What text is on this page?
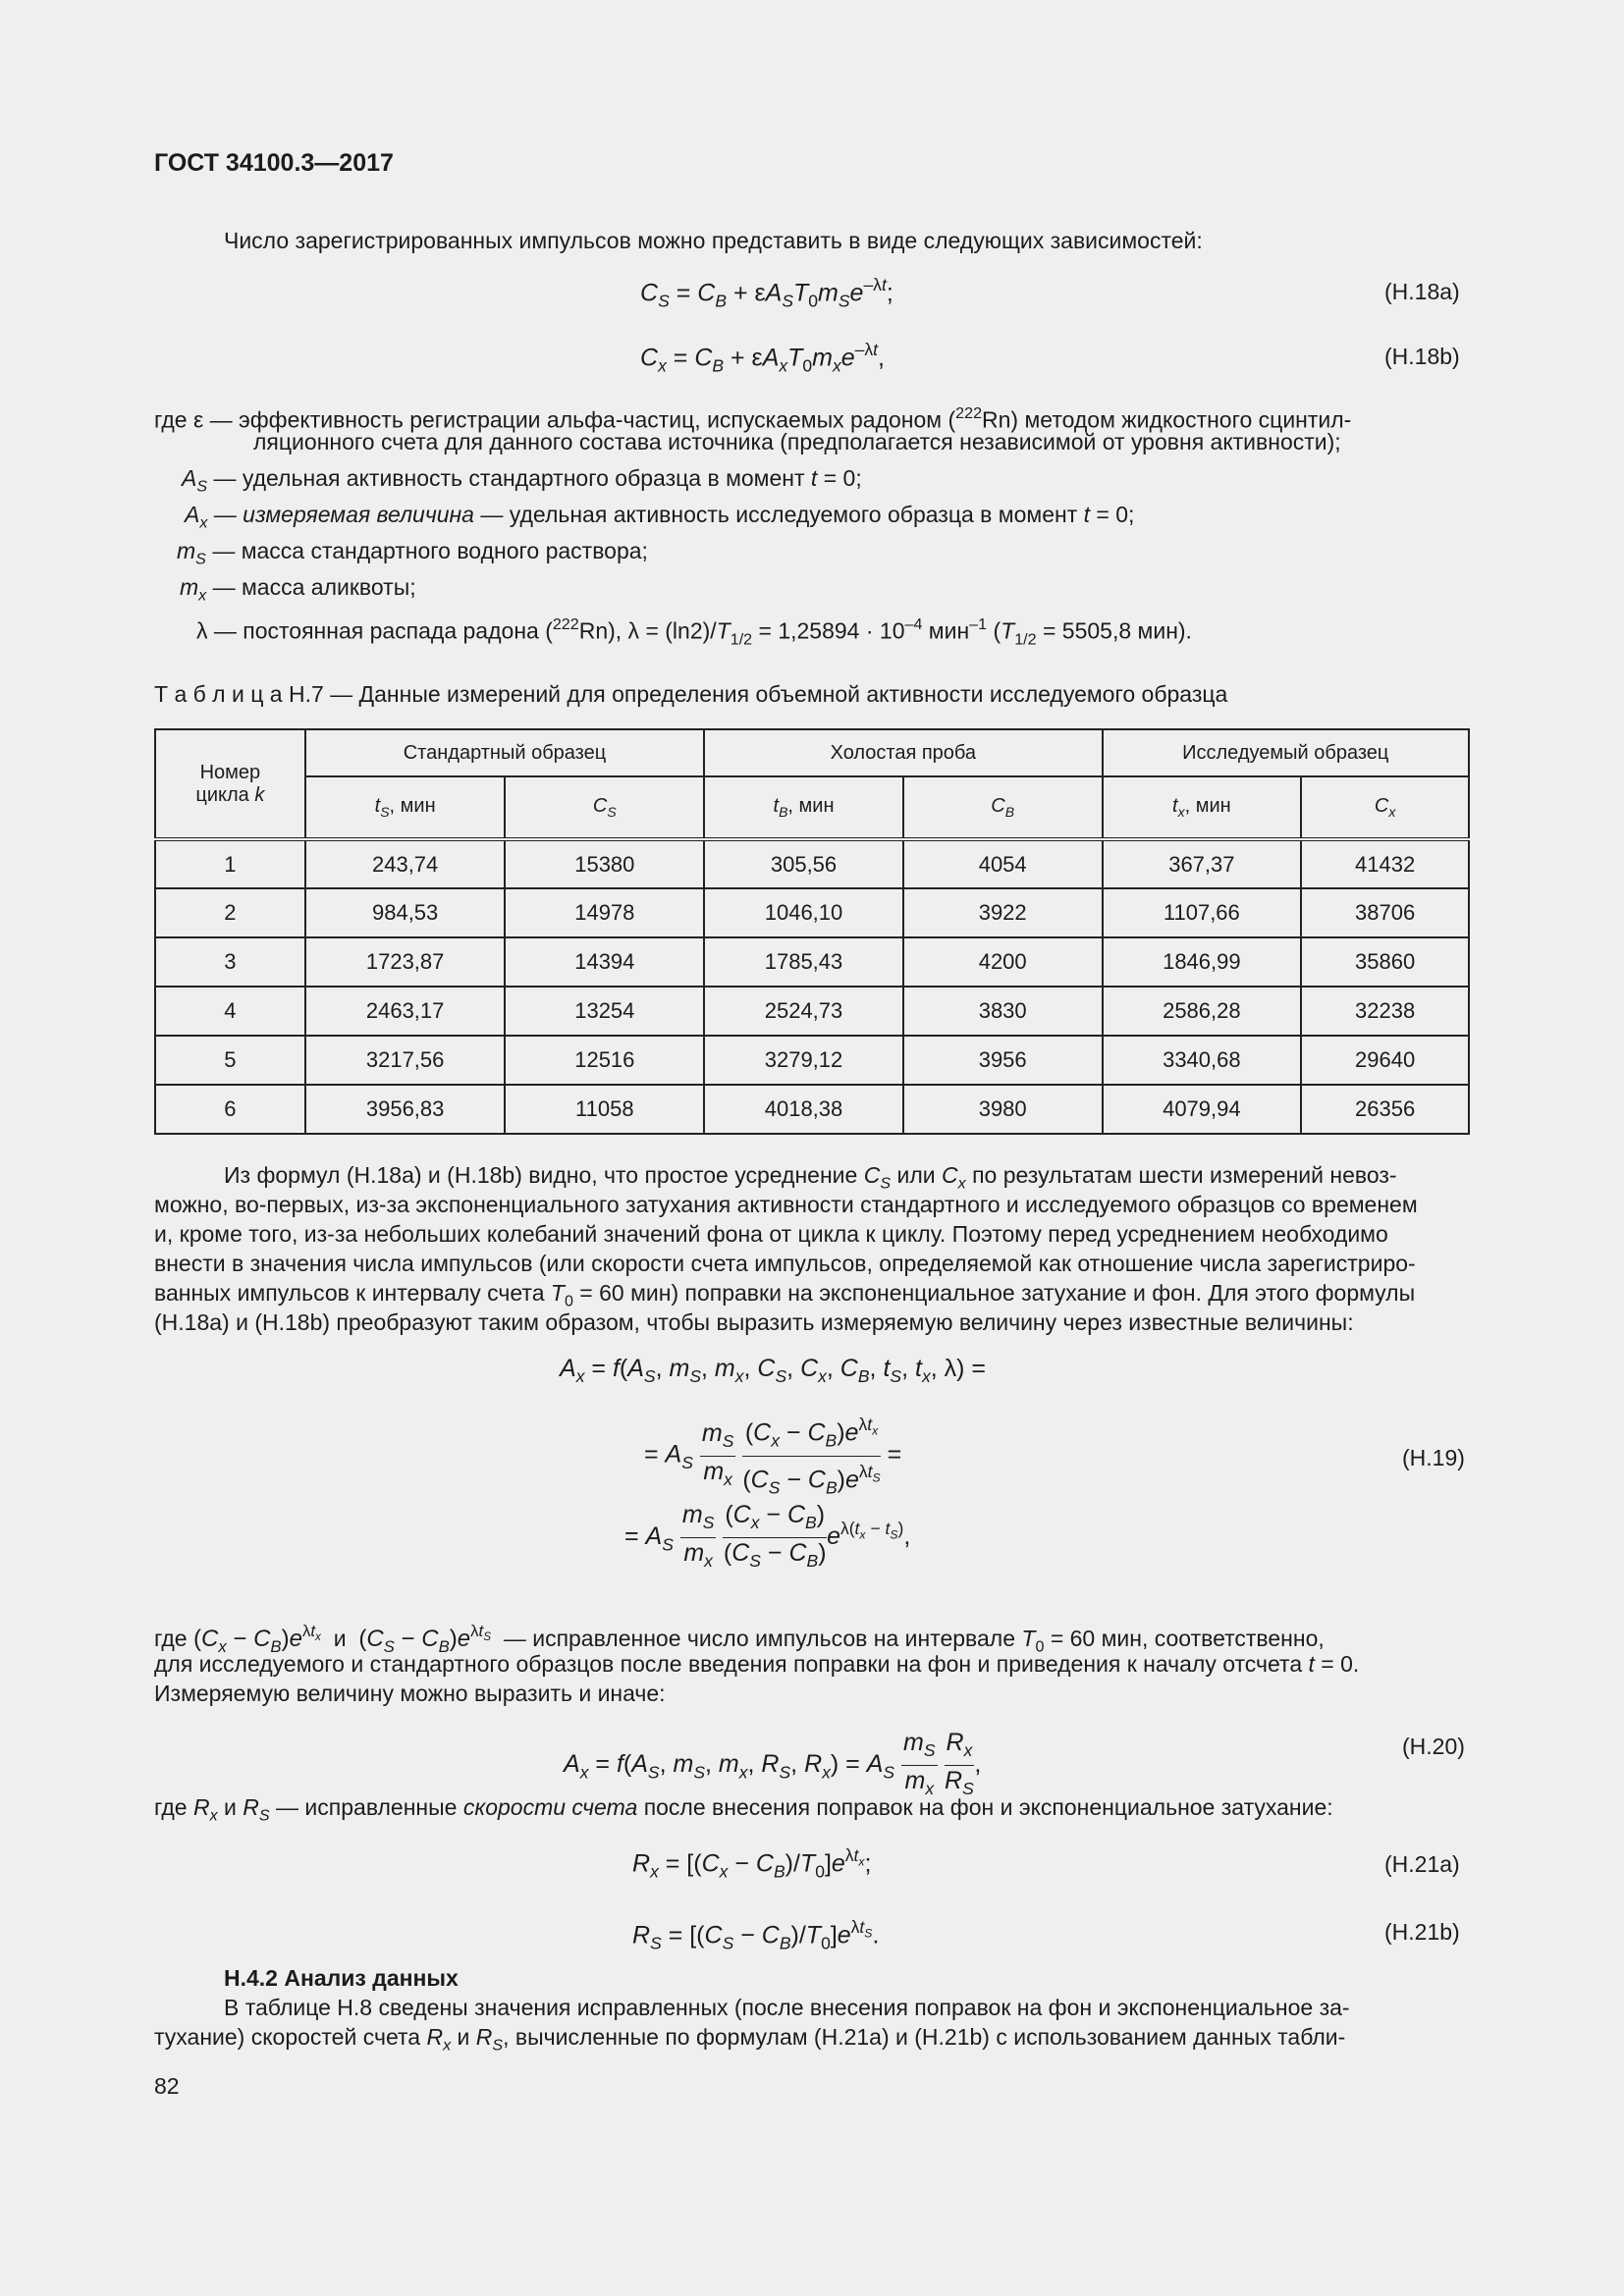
ГОСТ 34100.3—2017
Число зарегистрированных импульсов можно представить в виде следующих зависимостей:
$C_S = C_B + \varepsilon A_ST_0m_Se^{-\lambda t}$;	(H.18a)
$C_x = C_B + \varepsilon A_xT_0m_xe^{-\lambda t}$,	(H.18b)
где ε — эффективность регистрации альфа-частиц, испускаемых радоном ($^{222}$Rn) методом жидкостного сцинтил-
ляционного счета для данного состава источника (предполагается независимой от уровня активности);
$A_S$ — удельная активность стандартного образца в момент t = 0;
$A_x$ — измеряемая величина — удельная активность исследуемого образца в момент t = 0;
$m_S$ — масса стандартного водного раствора;
$m_x$ — масса аликвоты;
λ — постоянная распада радона ($^{222}$Rn), $\lambda = (\ln 2)/T_{1/2} = 1,25894 \cdot 10^{-4}$ мин$^{-1}$ ($T_{1/2} = 5505,8$ мин).
Т а б л и ц а H.7 — Данные измерений для определения объемной активности исследуемого образца
Номер
цикла k	Стандартный образец		Холостая проба		Исследуемый образец	
	$t_S$, мин	$C_S$	$t_B$, мин	$C_B$	$t_x$, мин	$C_x$
1	243,74	15380	305,56	4054	367,37	41432
2	984,53	14978	1046,10	3922	1107,66	38706
3	1723,87	14394	1785,43	4200	1846,99	35860
4	2463,17	13254	2524,73	3830	2586,28	32238
5	3217,56	12516	3279,12	3956	3340,68	29640
6	3956,83	11058	4018,38	3980	4079,94	26356
Из формул (H.18a) и (H.18b) видно, что простое усреднение $C_S$ или $C_x$ по результатам шести измерений невоз-
можно, во-первых, из-за экспоненциального затухания активности стандартного и исследуемого образцов со временем
и, кроме того, из-за небольших колебаний значений фона от цикла к циклу. Поэтому перед усреднением необходимо
внести в значения числа импульсов (или скорости счета импульсов, определяемой как отношение числа зарегистриро-
ванных импульсов к интервалу счета $T_0 = 60$ мин) поправки на экспоненциальное затухание и фон. Для этого формулы
(H.18a) и (H.18b) преобразуют таким образом, чтобы выразить измеряемую величину через известные величины:
$A_x = f(A_S$, $m_S$, $m_x$, $C_S$, $C_x$, $C_B$, $t_S$, $t_x$, λ) =
= $A_S \frac{m_S}{m_x}$
$\frac{(C_x - C_B)e^{\lambda t_x}}{(C_S - C_B)e^{\lambda t_S}}$ =	(H.19)
= $A_S \frac{m_S}{m_x}$
$\frac{(C_x - C_B)}{(C_S - C_B)} e^{\lambda(t_x - t_S)}$,
где $(C_x - C_B)e^{\lambda t_x}$ и $(C_S - C_B)e^{\lambda t_S}$ — исправленное число импульсов на интервале $T_0 = 60$ мин, соответственно,
для исследуемого и стандартного образцов после введения поправки на фон и приведения к началу отсчета t = 0.
Измеряемую величину можно выразить и иначе:
$A_x = f(A_S$, $m_S$, $m_x$, $R_S$, $R_x) = A_S \frac{m_S}{m_x}$
$\frac{R_x}{R_S}$ ,
(H.20)
где $R_x$ и $R_S$ — исправленные скорости счета после внесения поправок на фон и экспоненциальное затухание:
$R_x = [(C_x - C_B)/T_0]e^{\lambda t_x}$;	(H.21a)
$R_S = [(C_S - C_B)/T_0]e^{\lambda t_S}$.	(H.21b)
H.4.2 Анализ данных
В таблице H.8 сведены значения исправленных (после внесения поправок на фон и экспоненциальное за-
тухание) скоростей счета $R_x$ и $R_S$, вычисленные по формулам (H.21a) и (H.21b) с использованием данных табли-
82
